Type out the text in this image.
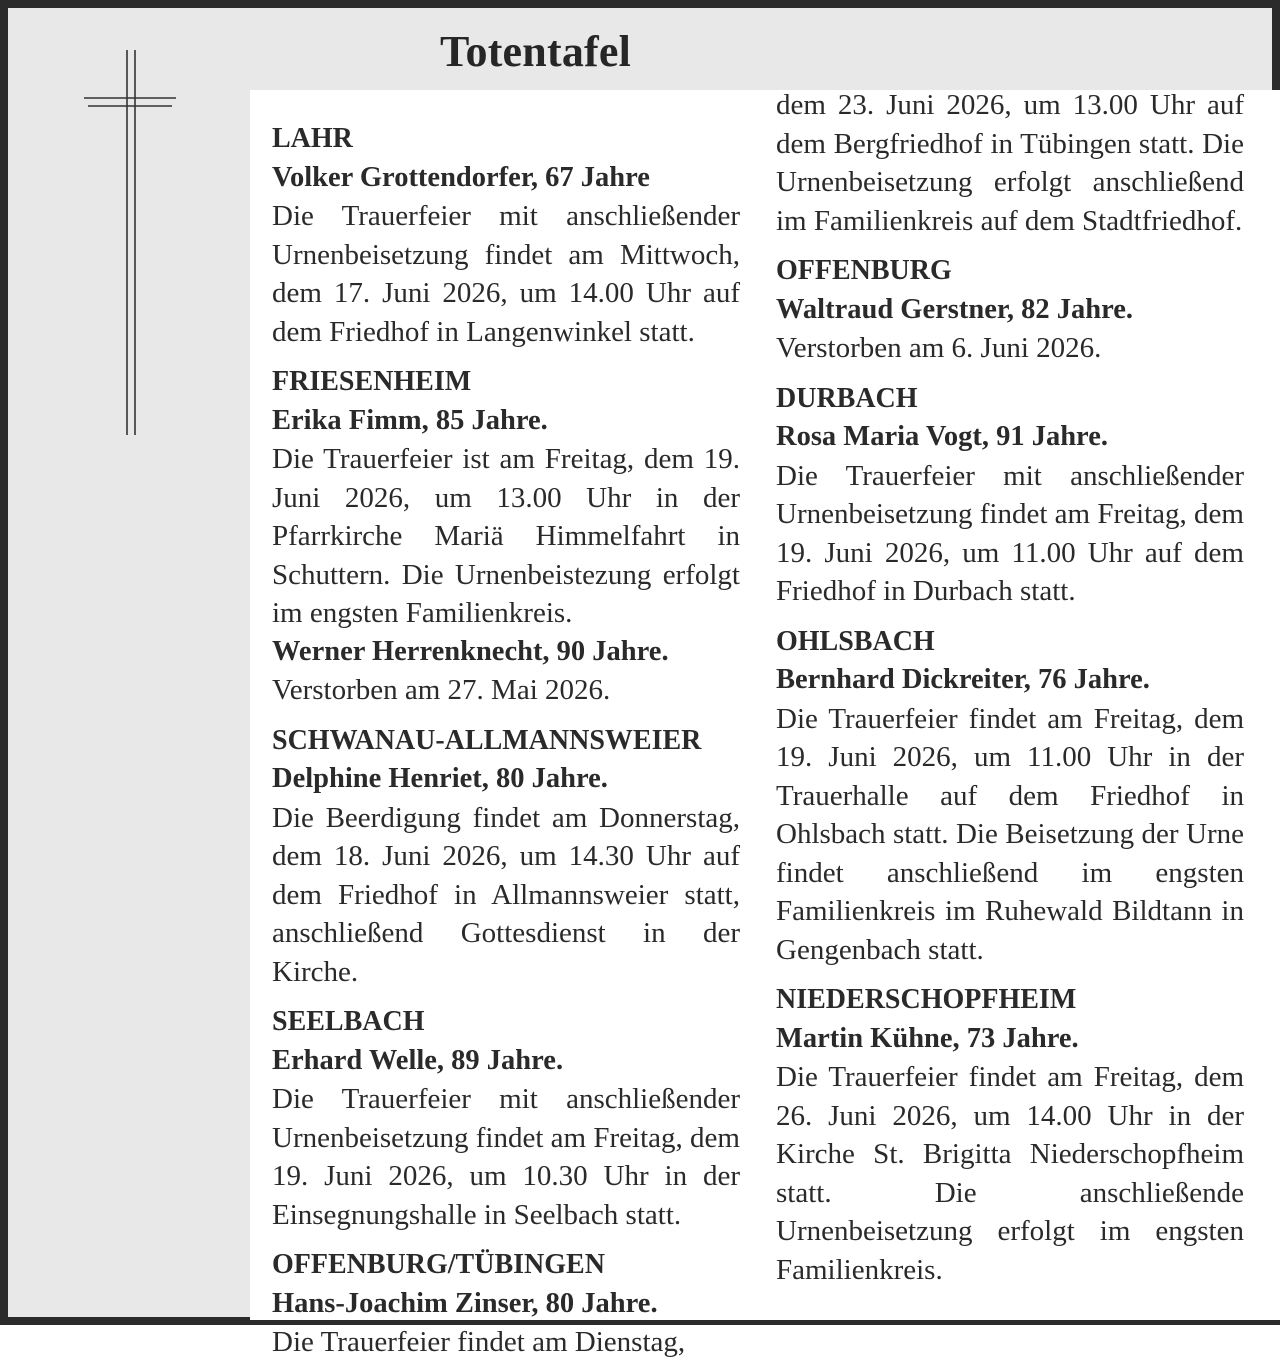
Totentafel
LAHR
Volker Grottendorfer, 67 Jahre
Die Trauerfeier mit anschließender Urnenbeisetzung findet am Mittwoch, dem 17. Juni 2026, um 14.00 Uhr auf dem Friedhof in Langenwinkel statt.
FRIESENHEIM
Erika Fimm, 85 Jahre.
Die Trauerfeier ist am Freitag, dem 19. Juni 2026, um 13.00 Uhr in der Pfarrkirche Mariä Himmelfahrt in Schuttern. Die Urnenbeistezung erfolgt im engsten Familienkreis.
Werner Herrenknecht, 90 Jahre.
Verstorben am 27. Mai 2026.
SCHWANAU-ALLMANNSWEIER
Delphine Henriet, 80 Jahre.
Die Beerdigung findet am Donnerstag, dem 18. Juni 2026, um 14.30 Uhr auf dem Friedhof in Allmannsweier statt, anschließend Gottesdienst in der Kirche.
SEELBACH
Erhard Welle, 89 Jahre.
Die Trauerfeier mit anschließender Urnenbeisetzung findet am Freitag, dem 19. Juni 2026, um 10.30 Uhr in der Einsegnungshalle in Seelbach statt.
OFFENBURG/TÜBINGEN
Hans-Joachim Zinser, 80 Jahre.
Die Trauerfeier findet am Dienstag,
dem 23. Juni 2026, um 13.00 Uhr auf dem Bergfriedhof in Tübingen statt. Die Urnenbeisetzung erfolgt anschließend im Familienkreis auf dem Stadtfriedhof.
OFFENBURG
Waltraud Gerstner, 82 Jahre.
Verstorben am 6. Juni 2026.
DURBACH
Rosa Maria Vogt, 91 Jahre.
Die Trauerfeier mit anschließender Urnenbeisetzung findet am Freitag, dem 19. Juni 2026, um 11.00 Uhr auf dem Friedhof in Durbach statt.
OHLSBACH
Bernhard Dickreiter, 76 Jahre.
Die Trauerfeier findet am Freitag, dem 19. Juni 2026, um 11.00 Uhr in der Trauerhalle auf dem Friedhof in Ohlsbach statt. Die Beisetzung der Urne findet anschließend im engsten Familienkreis im Ruhewald Bildtann in Gengenbach statt.
NIEDERSCHOPFHEIM
Martin Kühne, 73 Jahre.
Die Trauerfeier findet am Freitag, dem 26. Juni 2026, um 14.00 Uhr in der Kirche St. Brigitta Niederschopfheim statt. Die anschließende Urnenbeisetzung erfolgt im engsten Familienkreis.
